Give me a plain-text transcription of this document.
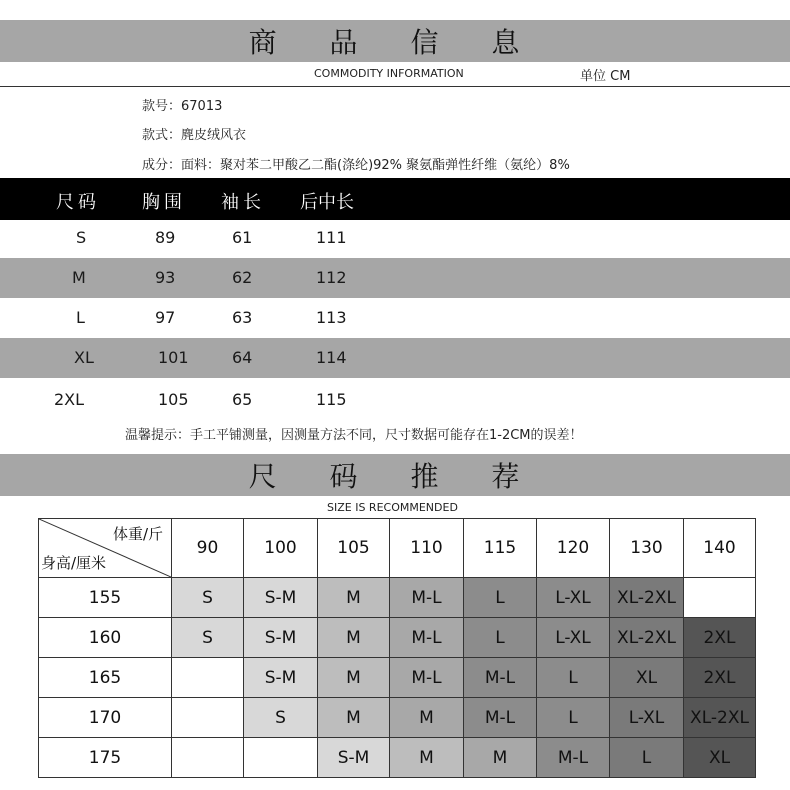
商 品 信 息
COMMODITY INFORMATION	单位 CM
款号：67013
款式：麂皮绒风衣
成分：面料：聚对苯二甲酸乙二酯(涤纶)92% 聚氨酯弹性纤维（氨纶）8%
尺码 胸围 袖长 后中长
S	89	61	111
M	93	62	112
L	97	63	113
XL	101	64	114
2XL	105	65	115
温馨提示：手工平铺测量，因测量方法不同，尺寸数据可能存在1-2CM的误差！
尺 码 推 荐
SIZE IS RECOMMENDED
体重/斤
身高/厘米	90	100	105	110	115	120	130	140
155	S	S-M	M	M-L	L	L-XL	XL-2XL	
160	S	S-M	M	M-L	L	L-XL	XL-2XL	2XL
165		S-M	M	M-L	M-L	L	XL	2XL
170		S	M	M	M-L	L	L-XL	XL-2XL
175			S-M	M	M	M-L	L	XL
